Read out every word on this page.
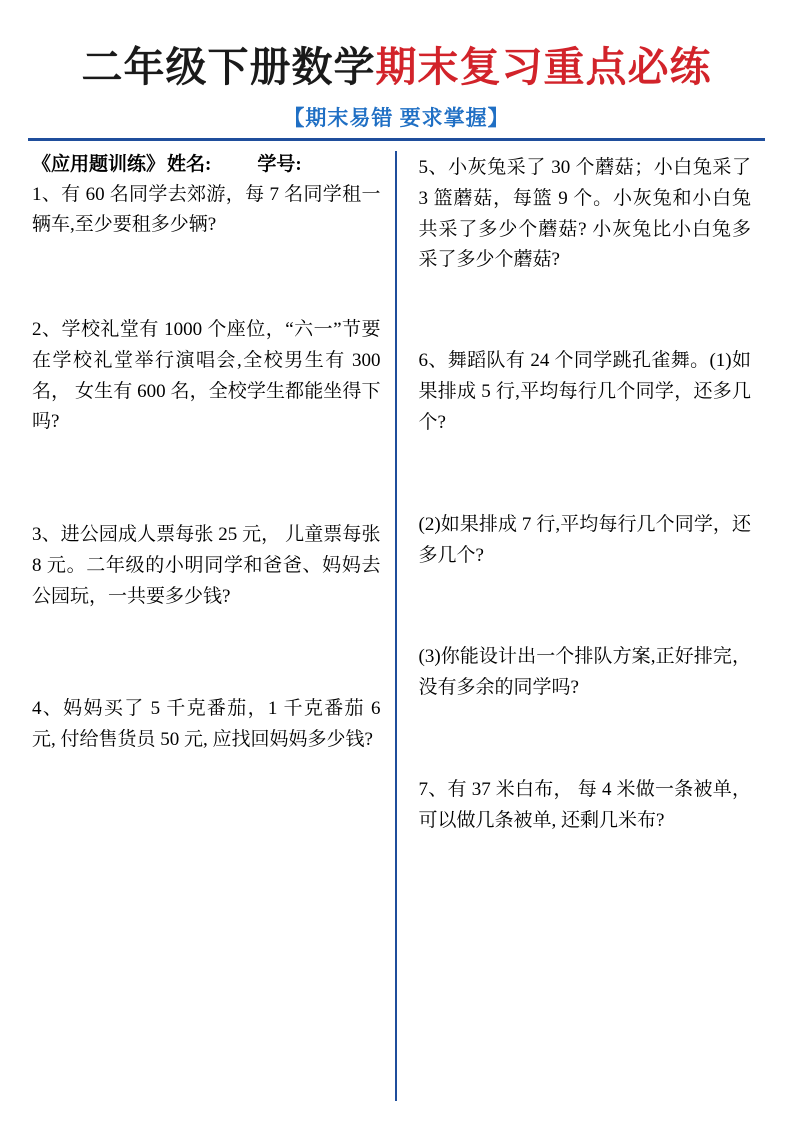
二年级下册数学 期末复习重点必练
【期末易错 要求掌握】
《应用题训练》 姓名: 学号:

1、有 60 名同学去郊游，每 7 名同学租一辆车,至少要租多少辆?

2、学校礼堂有 1000 个座位，“六一”节要在学校礼堂举行演唱会,全校男生有 300 名， 女生有 600 名，全校学生都能坐得下吗?

3、进公园成人票每张 25 元， 儿童票每张 8 元。二年级的小明同学和爸爸、妈妈去公园玩，一共要多少钱?

4、妈妈买了 5 千克番茄，1 千克番茄 6 元, 付给售货员 50 元, 应找回妈妈多少钱?

5、小灰兔采了 30 个蘑菇；小白兔采了 3 篮蘑菇，每篮 9 个。小灰兔和小白兔共采了多少个蘑菇? 小灰兔比小白兔多采了多少个蘑菇?

6、舞蹈队有 24 个同学跳孔雀舞。(1)如果排成 5 行,平均每行几个同学，还多几个?

(2)如果排成 7 行,平均每行几个同学，还多几个?

(3)你能设计出一个排队方案,正好排完，没有多余的同学吗?

7、有 37 米白布， 每 4 米做一条被单， 可以做几条被单, 还剩几米布?
